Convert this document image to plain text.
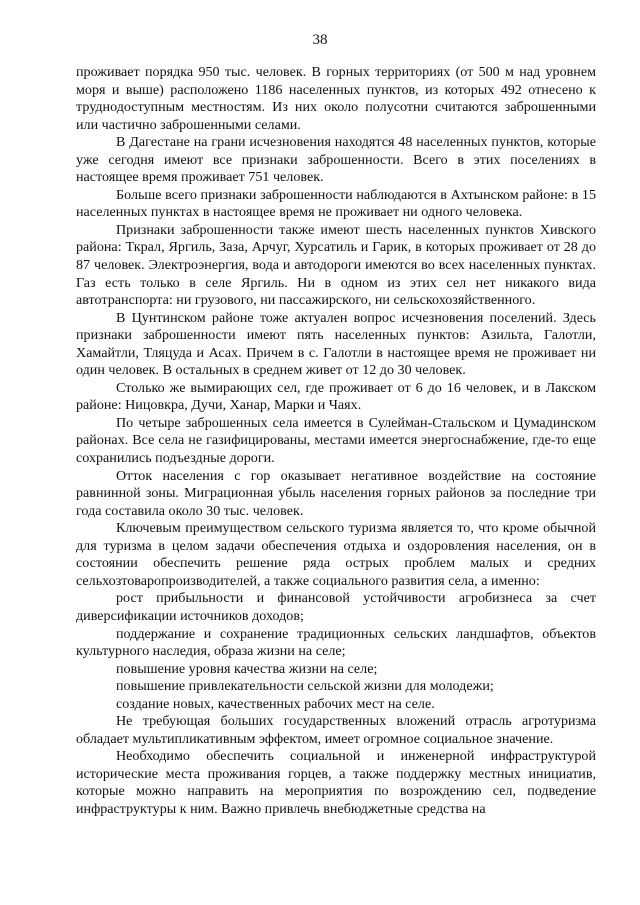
38

проживает порядка 950 тыс. человек. В горных территориях (от 500 м над уровнем моря и выше) расположено 1186 населенных пунктов, из которых 492 отнесено к труднодоступным местностям. Из них около полусотни считаются заброшенными или частично заброшенными селами.

В Дагестане на грани исчезновения находятся 48 населенных пунктов, которые уже сегодня имеют все признаки заброшенности. Всего в этих поселениях в настоящее время проживает 751 человек.

Больше всего признаки заброшенности наблюдаются в Ахтынском районе: в 15 населенных пунктах в настоящее время не проживает ни одного человека.

Признаки заброшенности также имеют шесть населенных пунктов Хивского района: Ткрал, Яргиль, Заза, Арчуг, Хурсатиль и Гарик, в которых проживает от 28 до 87 человек. Электроэнергия, вода и автодороги имеются во всех населенных пунктах. Газ есть только в селе Яргиль. Ни в одном из этих сел нет никакого вида автотранспорта: ни грузового, ни пассажирского, ни сельскохозяйственного.

В Цунтинском районе тоже актуален вопрос исчезновения поселений. Здесь признаки заброшенности имеют пять населенных пунктов: Азильта, Галотли, Хамайтли, Тляцуда и Асах. Причем в с. Галотли в настоящее время не проживает ни один человек. В остальных в среднем живет от 12 до 30 человек.

Столько же вымирающих сел, где проживает от 6 до 16 человек, и в Лакском районе: Ницовкра, Дучи, Ханар, Марки и Чаях.

По четыре заброшенных села имеется в Сулейман-Стальском и Цумадинском районах. Все села не газифицированы, местами имеется энергоснабжение, где-то еще сохранились подъездные дороги.

Отток населения с гор оказывает негативное воздействие на состояние равнинной зоны. Миграционная убыль населения горных районов за последние три года составила около 30 тыс. человек.

Ключевым преимуществом сельского туризма является то, что кроме обычной для туризма в целом задачи обеспечения отдыха и оздоровления населения, он в состоянии обеспечить решение ряда острых проблем малых и средних сельхозтоваропроизводителей, а также социального развития села, а именно:

рост прибыльности и финансовой устойчивости агробизнеса за счет диверсификации источников доходов;

поддержание и сохранение традиционных сельских ландшафтов, объектов культурного наследия, образа жизни на селе;

повышение уровня качества жизни на селе;

повышение привлекательности сельской жизни для молодежи;

создание новых, качественных рабочих мест на селе.

Не требующая больших государственных вложений отрасль агротуризма обладает мультипликативным эффектом, имеет огромное социальное значение.

Необходимо обеспечить социальной и инженерной инфраструктурой исторические места проживания горцев, а также поддержку местных инициатив, которые можно направить на мероприятия по возрождению сел, подведение инфраструктуры к ним. Важно привлечь внебюджетные средства на
